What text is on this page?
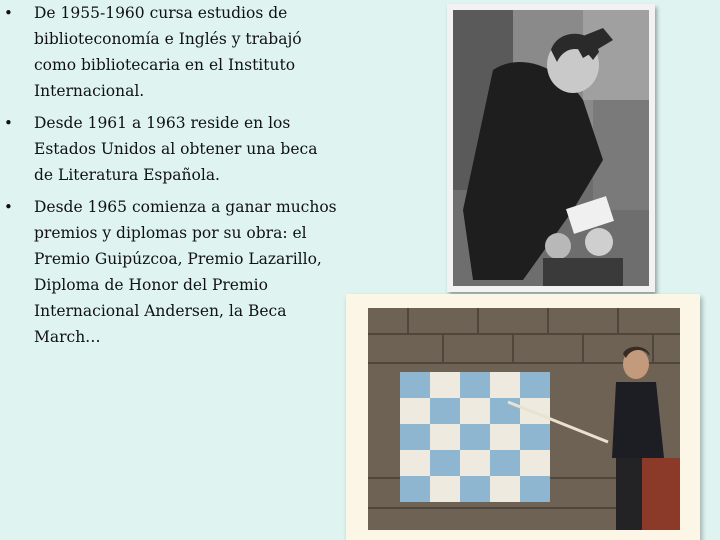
• De 1955-1960 cursa estudios de biblioteconomía e Inglés y trabajó como bibliotecaria en el Instituto Internacional.
• Desde 1961 a 1963 reside en los Estados Unidos al obtener una beca de Literatura Española.
• Desde 1965 comienza a ganar muchos premios y diplomas por su obra: el Premio Guipúzcoa, Premio Lazarillo, Diploma de Honor del Premio Internacional Andersen, la Beca March…
